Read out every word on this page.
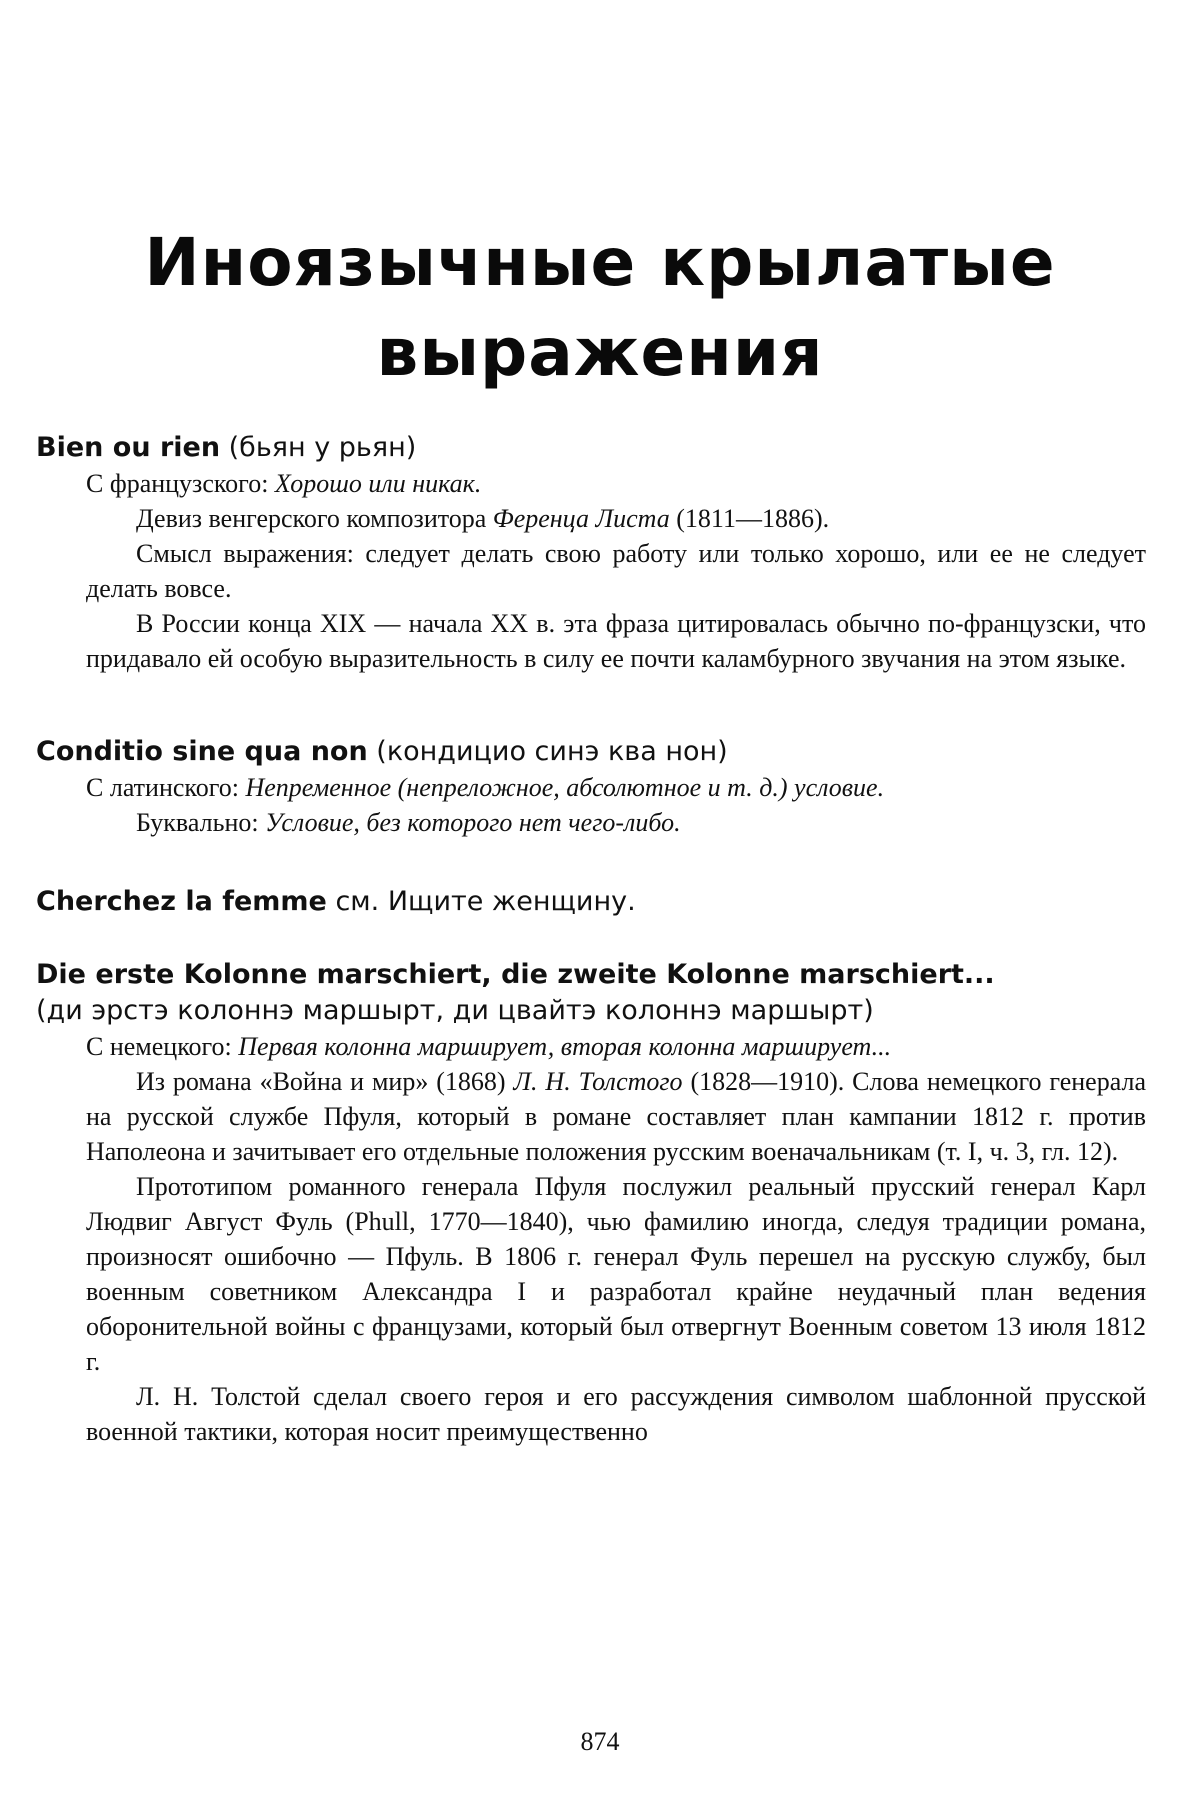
Иноязычные крылатые
выражения

Bien ou rien (бьян у рьян)

С французского: Хорошо или никак.

Девиз венгерского композитора Ференца Листа (1811—1886).

Смысл выражения: следует делать свою работу или только хорошо, или ее не следует делать вовсе.

В России конца XIX — начала XX в. эта фраза цитировалась обычно по-французски, что придавало ей особую выразительность в силу ее почти каламбурного звучания на этом языке.

Conditio sine qua non (кондицио синэ ква нон)

С латинского: Непременное (непреложное, абсолютное и т. д.) условие.

Буквально: Условие, без которого нет чего-либо.

Cherchez la femme см. Ищите женщину.

Die erste Kolonne marschiert, die zweite Kolonne marschiert...

(ди эрстэ колоннэ маршырт, ди цвайтэ колоннэ маршырт)

С немецкого: Первая колонна марширует, вторая колонна марширует...

Из романа «Война и мир» (1868) Л. Н. Толстого (1828—1910). Слова немецкого генерала на русской службе Пфуля, который в романе составляет план кампании 1812 г. против Наполеона и зачитывает его отдельные положения русским военачальникам (т. I, ч. 3, гл. 12).

Прототипом романного генерала Пфуля послужил реальный прусский генерал Карл Людвиг Август Фуль (Phull, 1770—1840), чью фамилию иногда, следуя традиции романа, произносят ошибочно — Пфуль. В 1806 г. генерал Фуль перешел на русскую службу, был военным советником Александра I и разработал крайне неудачный план ведения оборонительной войны с французами, который был отвергнут Военным советом 13 июля 1812 г.

Л. Н. Толстой сделал своего героя и его рассуждения символом шаблонной прусской военной тактики, которая носит преимущественно

874
